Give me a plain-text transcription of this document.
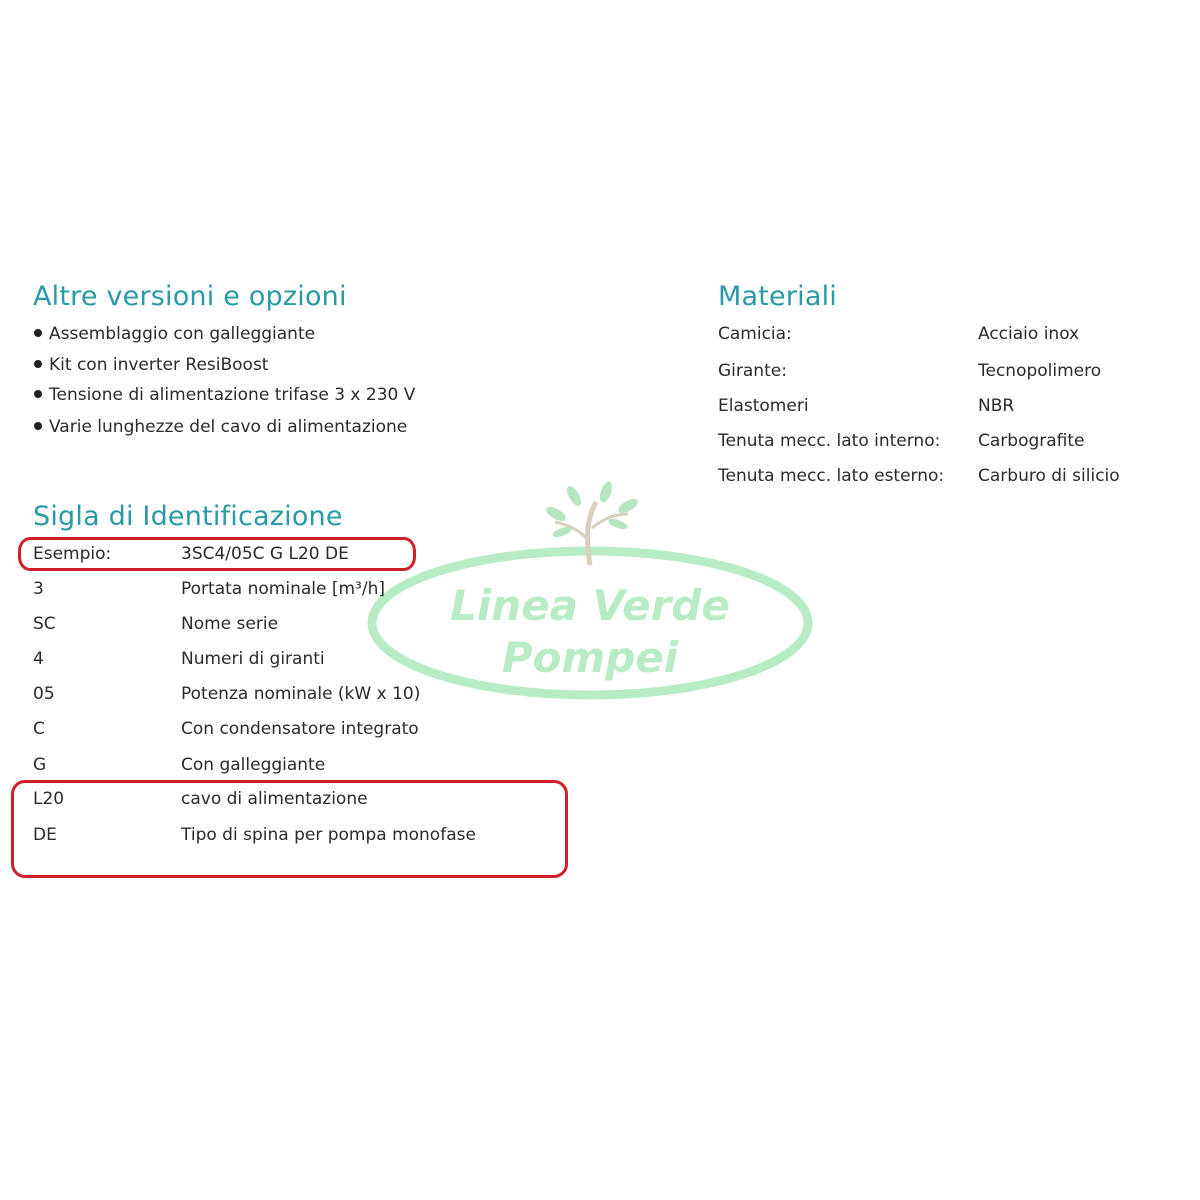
Altre versioni e opzioni
Assemblaggio con galleggiante
Kit con inverter ResiBoost
Tensione di alimentazione trifase 3 x 230 V
Varie lunghezze del cavo di alimentazione
Materiali
Camicia:	Acciaio inox
Girante:	Tecnopolimero
Elastomeri	NBR
Tenuta mecc. lato interno: Carbografite
Tenuta mecc. lato esterno: Carburo di silicio
Linea Verde
Pompei
Sigla di Identificazione
Esempio:	3SC4/05C G L20 DE
3	Portata nominale [m³/h]
SC	Nome serie
4	Numeri di giranti
05	Potenza nominale (kW x 10)
C	Con condensatore integrato
G	Con galleggiante
L20	cavo di alimentazione
DE	Tipo di spina per pompa monofase
